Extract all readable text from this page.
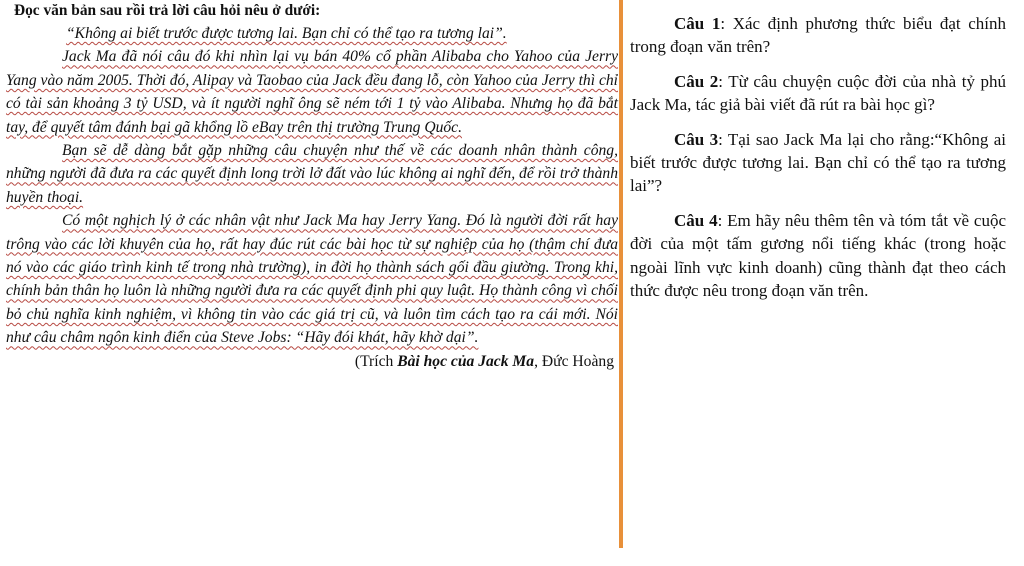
Đọc văn bản sau rồi trả lời câu hỏi nêu ở dưới:

“Không ai biết trước được tương lai. Bạn chỉ có thể tạo ra tương lai”.

Jack Ma đã nói câu đó khi nhìn lại vụ bán 40% cổ phần Alibaba cho Yahoo của Jerry Yang vào năm 2005. Thời đó, Alipay và Taobao của Jack đều đang lỗ, còn Yahoo của Jerry thì chỉ có tài sản khoảng 3 tỷ USD, và ít người nghĩ ông sẽ ném tới 1 tỷ vào Alibaba. Nhưng họ đã bắt tay, để quyết tâm đánh bại gã khổng lồ eBay trên thị trường Trung Quốc.

Bạn sẽ dễ dàng bắt gặp những câu chuyện như thế về các doanh nhân thành công, những người đã đưa ra các quyết định long trời lở đất vào lúc không ai nghĩ đến, để rồi trở thành huyền thoại.

Có một nghịch lý ở các nhân vật như Jack Ma hay Jerry Yang. Đó là người đời rất hay trông vào các lời khuyên của họ, rất hay đúc rút các bài học từ sự nghiệp của họ (thậm chí đưa nó vào các giáo trình kinh tế trong nhà trường), in đời họ thành sách gối đầu giường. Trong khi, chính bản thân họ luôn là những người đưa ra các quyết định phi quy luật. Họ thành công vì chối bỏ chủ nghĩa kinh nghiệm, vì không tin vào các giá trị cũ, và luôn tìm cách tạo ra cái mới. Nói như câu châm ngôn kinh điển của Steve Jobs: “Hãy đói khát, hãy khờ dại”.

(Trích Bài học của Jack Ma, Đức Hoàng

Câu 1: Xác định phương thức biểu đạt chính trong đoạn văn trên?

Câu 2: Từ câu chuyện cuộc đời của nhà tỷ phú Jack Ma, tác giả bài viết đã rút ra bài học gì?

Câu 3: Tại sao Jack Ma lại cho rằng:“Không ai biết trước được tương lai. Bạn chỉ có thể tạo ra tương lai”?

Câu 4: Em hãy nêu thêm tên và tóm tắt về cuộc đời của một tấm gương nổi tiếng khác (trong hoặc ngoài lĩnh vực kinh doanh) cũng thành đạt theo cách thức được nêu trong đoạn văn trên.
